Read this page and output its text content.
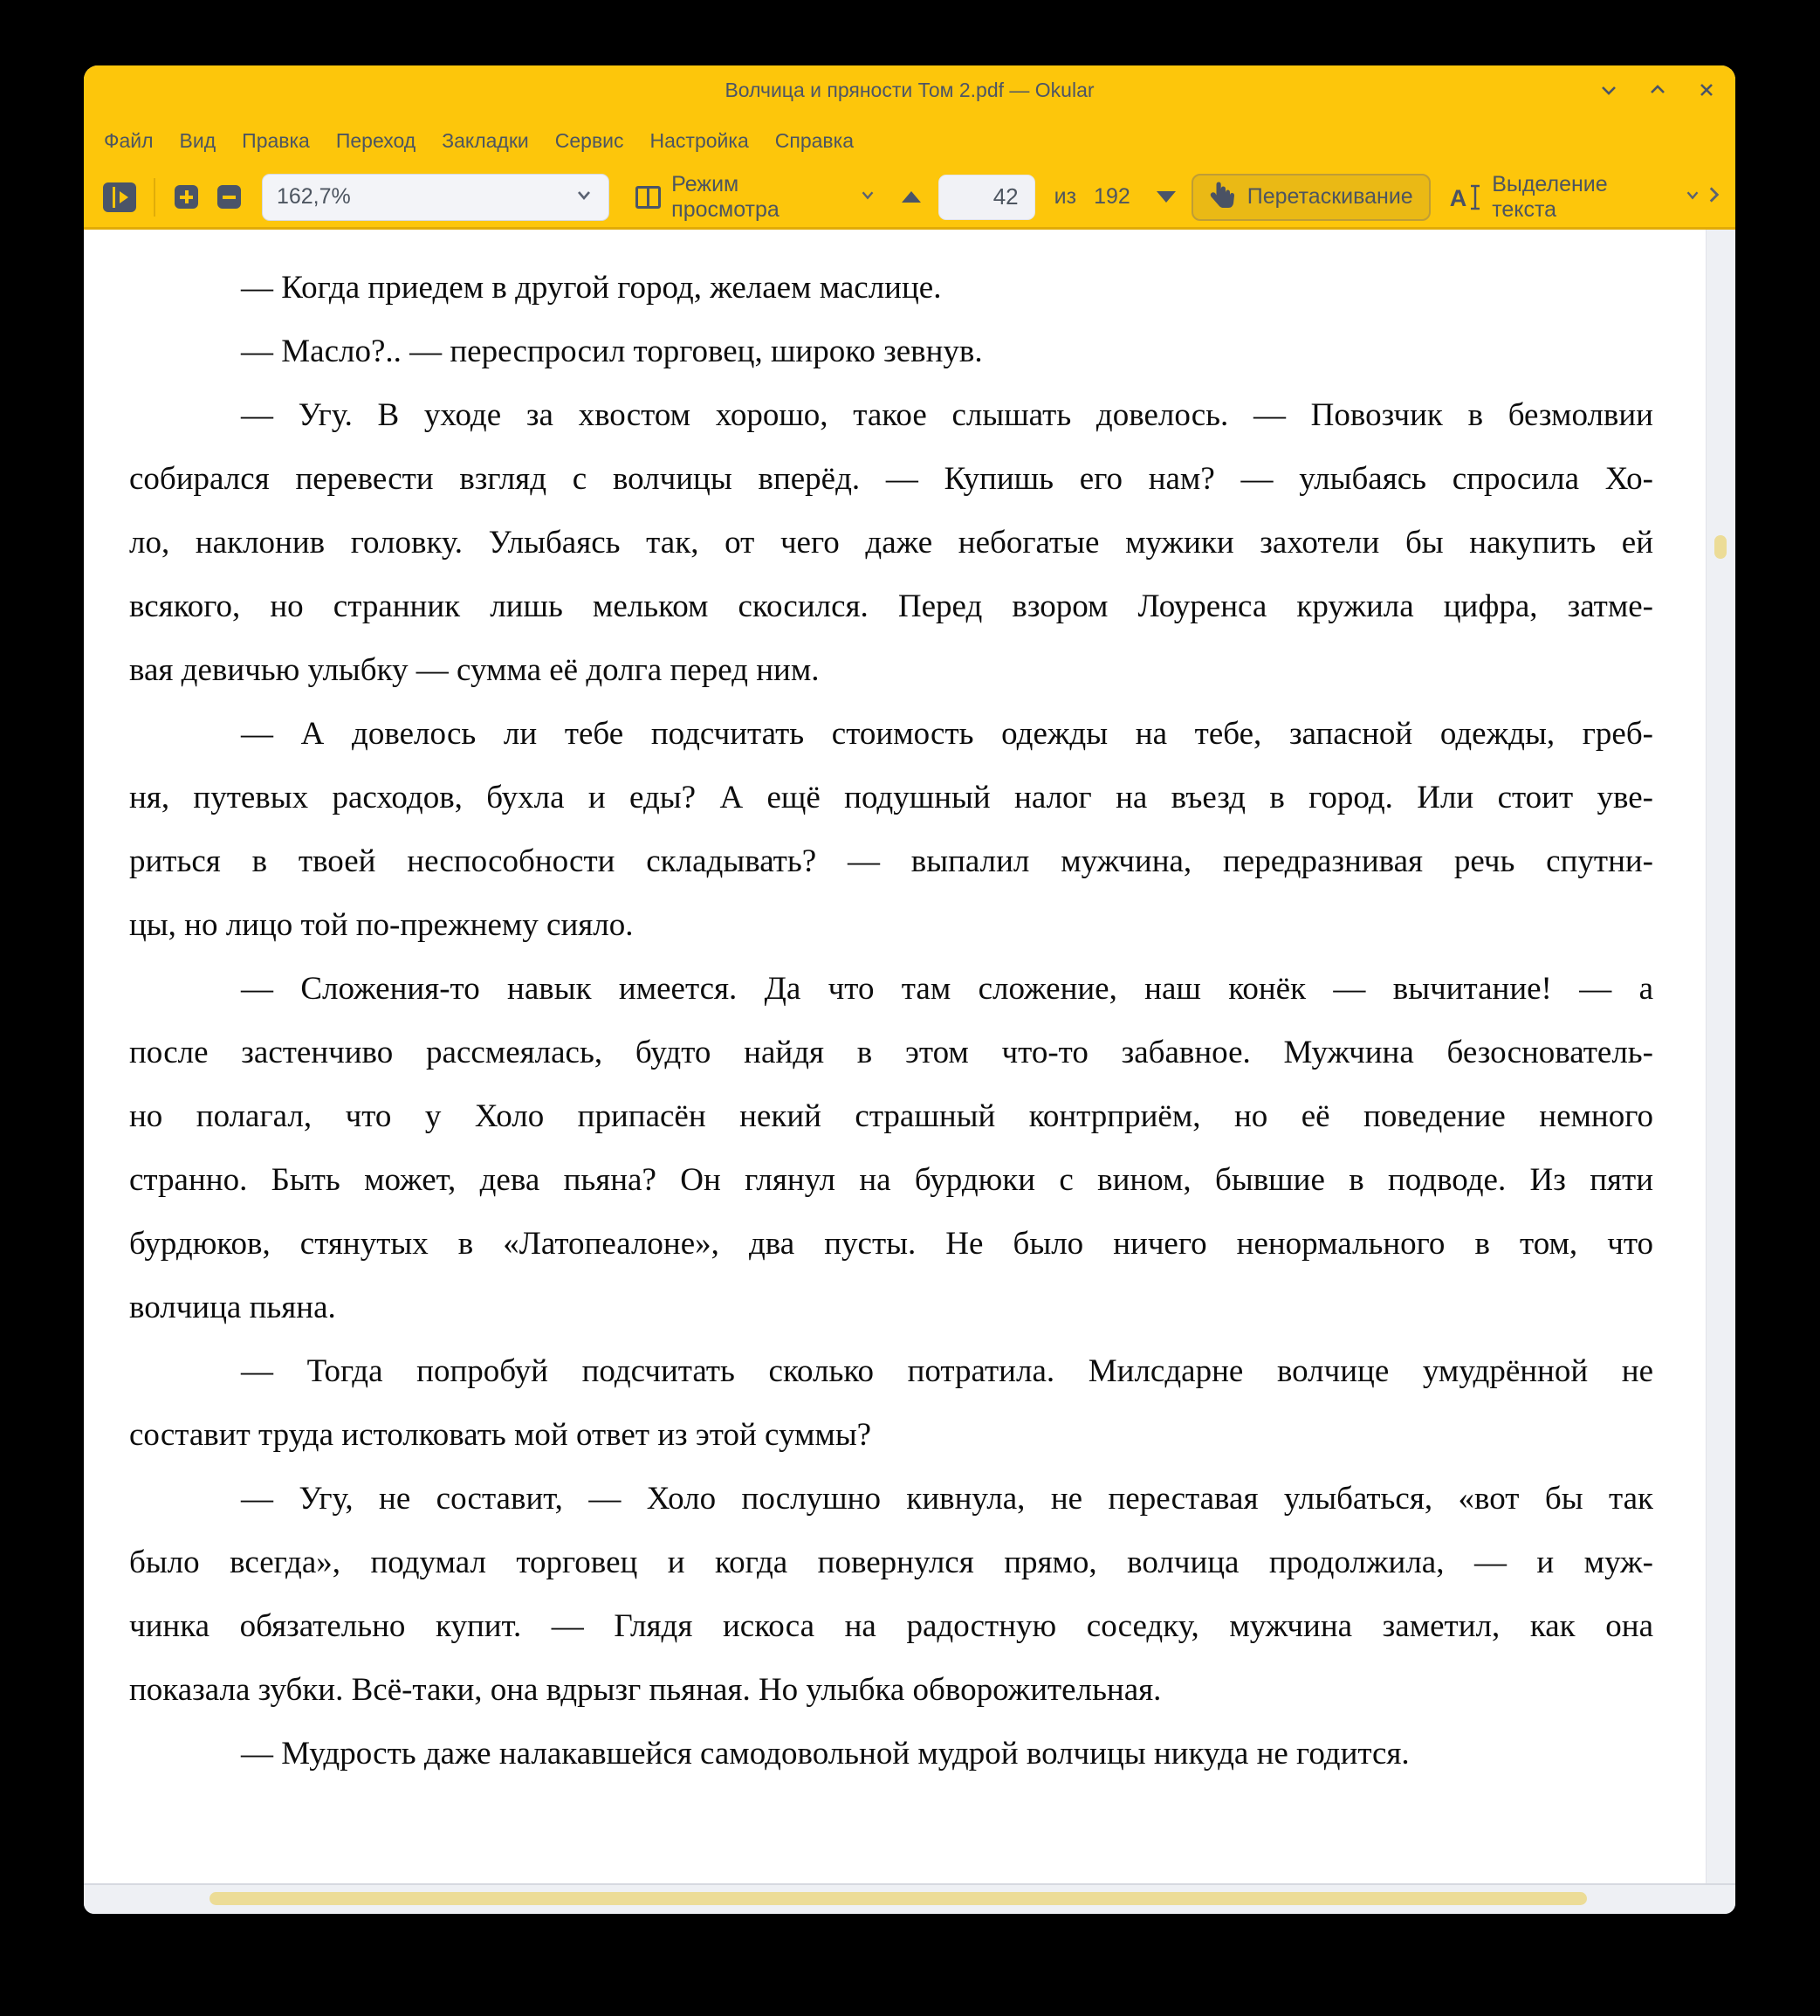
Волчица и пряности Том 2.pdf — Okular
Файл	Вид	Правка	Переход	Закладки	Сервис	Настройка	Справка
162,7%
Режим просмотра	42 из 192	Перетаскивание A
Выделение текста
— Когда приедем в другой город, желаем маслице.
— Масло?.. — переспросил торговец, широко зевнув.
— Угу. В уходе за хвостом хорошо, такое слышать довелось. — Повозчик в безмолвии
собирался перевести взгляд с волчицы вперёд. — Купишь его нам? — улыбаясь спросила Хо-
ло, наклонив головку. Улыбаясь так, от чего даже небогатые мужики захотели бы накупить ей
всякого, но странник лишь мельком скосился. Перед взором Лоуренса кружила цифра, затме-
вая девичью улыбку — сумма её долга перед ним.
— А довелось ли тебе подсчитать стоимость одежды на тебе, запасной одежды, греб-
ня, путевых расходов, бухла и еды? А ещё подушный налог на въезд в город. Или стоит уве-
риться в твоей неспособности складывать? — выпалил мужчина, передразнивая речь спутни-
цы, но лицо той по-прежнему сияло.
— Сложения-то навык имеется. Да что там сложение, наш конёк — вычитание! — а
после застенчиво рассмеялась, будто найдя в этом что-то забавное. Мужчина безоснователь-
но полагал, что у Холо припасён некий страшный контрприём, но её поведение немного
странно. Быть может, дева пьяна? Он глянул на бурдюки с вином, бывшие в подводе. Из пяти
бурдюков, стянутых в «Латопеалоне», два пусты. Не было ничего ненормального в том, что
волчица пьяна.
— Тогда попробуй подсчитать сколько потратила. Милсдарне волчице умудрённой не
составит труда истолковать мой ответ из этой суммы?
— Угу, не составит, — Холо послушно кивнула, не переставая улыбаться, «вот бы так
было всегда», подумал торговец и когда повернулся прямо, волчица продолжила, — и муж-
чинка обязательно купит. — Глядя искоса на радостную соседку, мужчина заметил, как она
показала зубки. Всё-таки, она вдрызг пьяная. Но улыбка обворожительная.
— Мудрость даже налакавшейся самодовольной мудрой волчицы никуда не годится.
